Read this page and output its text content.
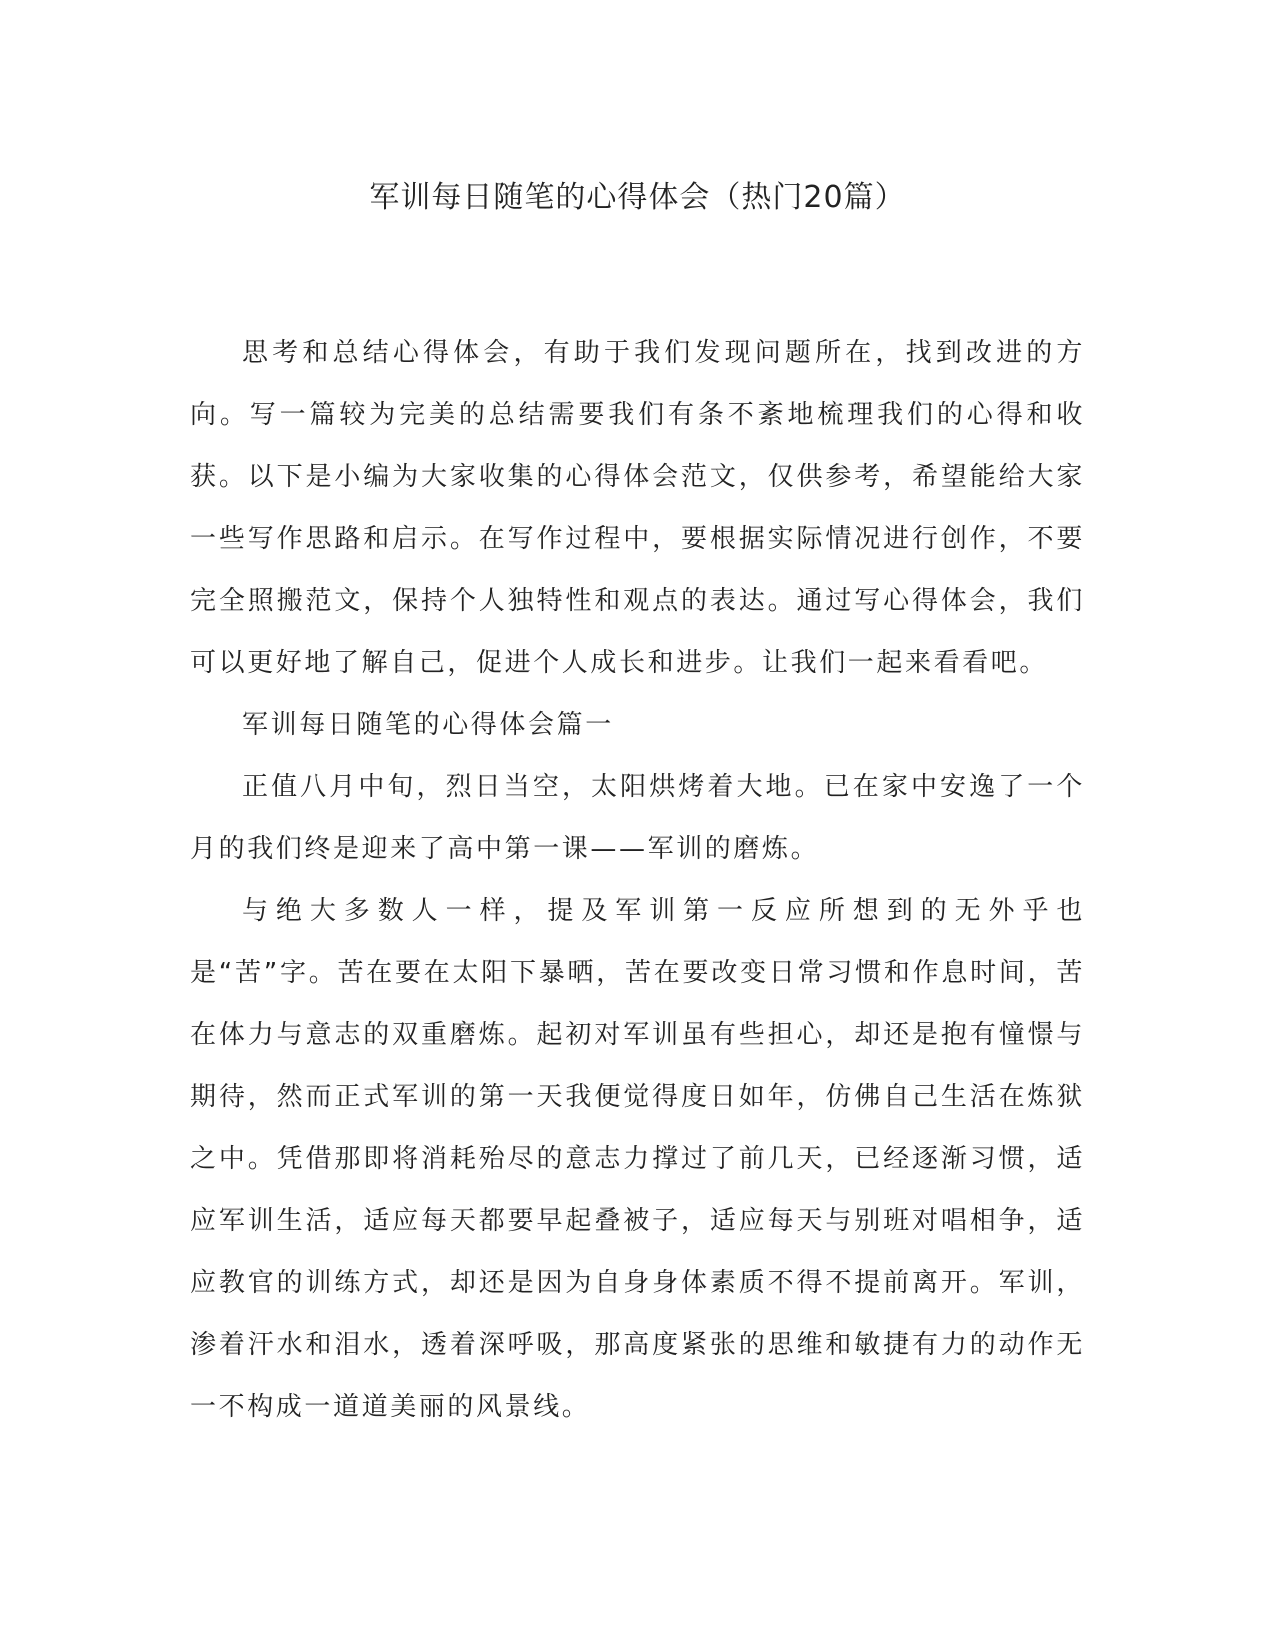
军训每日随笔的心得体会（热门20篇）

思考和总结心得体会，有助于我们发现问题所在，找到改进的方向。写一篇较为完美的总结需要我们有条不紊地梳理我们的心得和收获。以下是小编为大家收集的心得体会范文，仅供参考，希望能给大家一些写作思路和启示。在写作过程中，要根据实际情况进行创作，不要完全照搬范文，保持个人独特性和观点的表达。通过写心得体会，我们可以更好地了解自己，促进个人成长和进步。让我们一起来看看吧。

军训每日随笔的心得体会篇一

正值八月中旬，烈日当空，太阳烘烤着大地。已在家中安逸了一个月的我们终是迎来了高中第一课——军训的磨炼。

与绝大多数人一样，提及军训第一反应所想到的无外乎也是“苦”字。苦在要在太阳下暴晒，苦在要改变日常习惯和作息时间，苦在体力与意志的双重磨炼。起初对军训虽有些担心，却还是抱有憧憬与期待，然而正式军训的第一天我便觉得度日如年，仿佛自己生活在炼狱之中。凭借那即将消耗殆尽的意志力撑过了前几天，已经逐渐习惯，适应军训生活，适应每天都要早起叠被子，适应每天与别班对唱相争，适应教官的训练方式，却还是因为自身身体素质不得不提前离开。军训，渗着汗水和泪水，透着深呼吸，那高度紧张的思维和敏捷有力的动作无一不构成一道道美丽的风景线。
